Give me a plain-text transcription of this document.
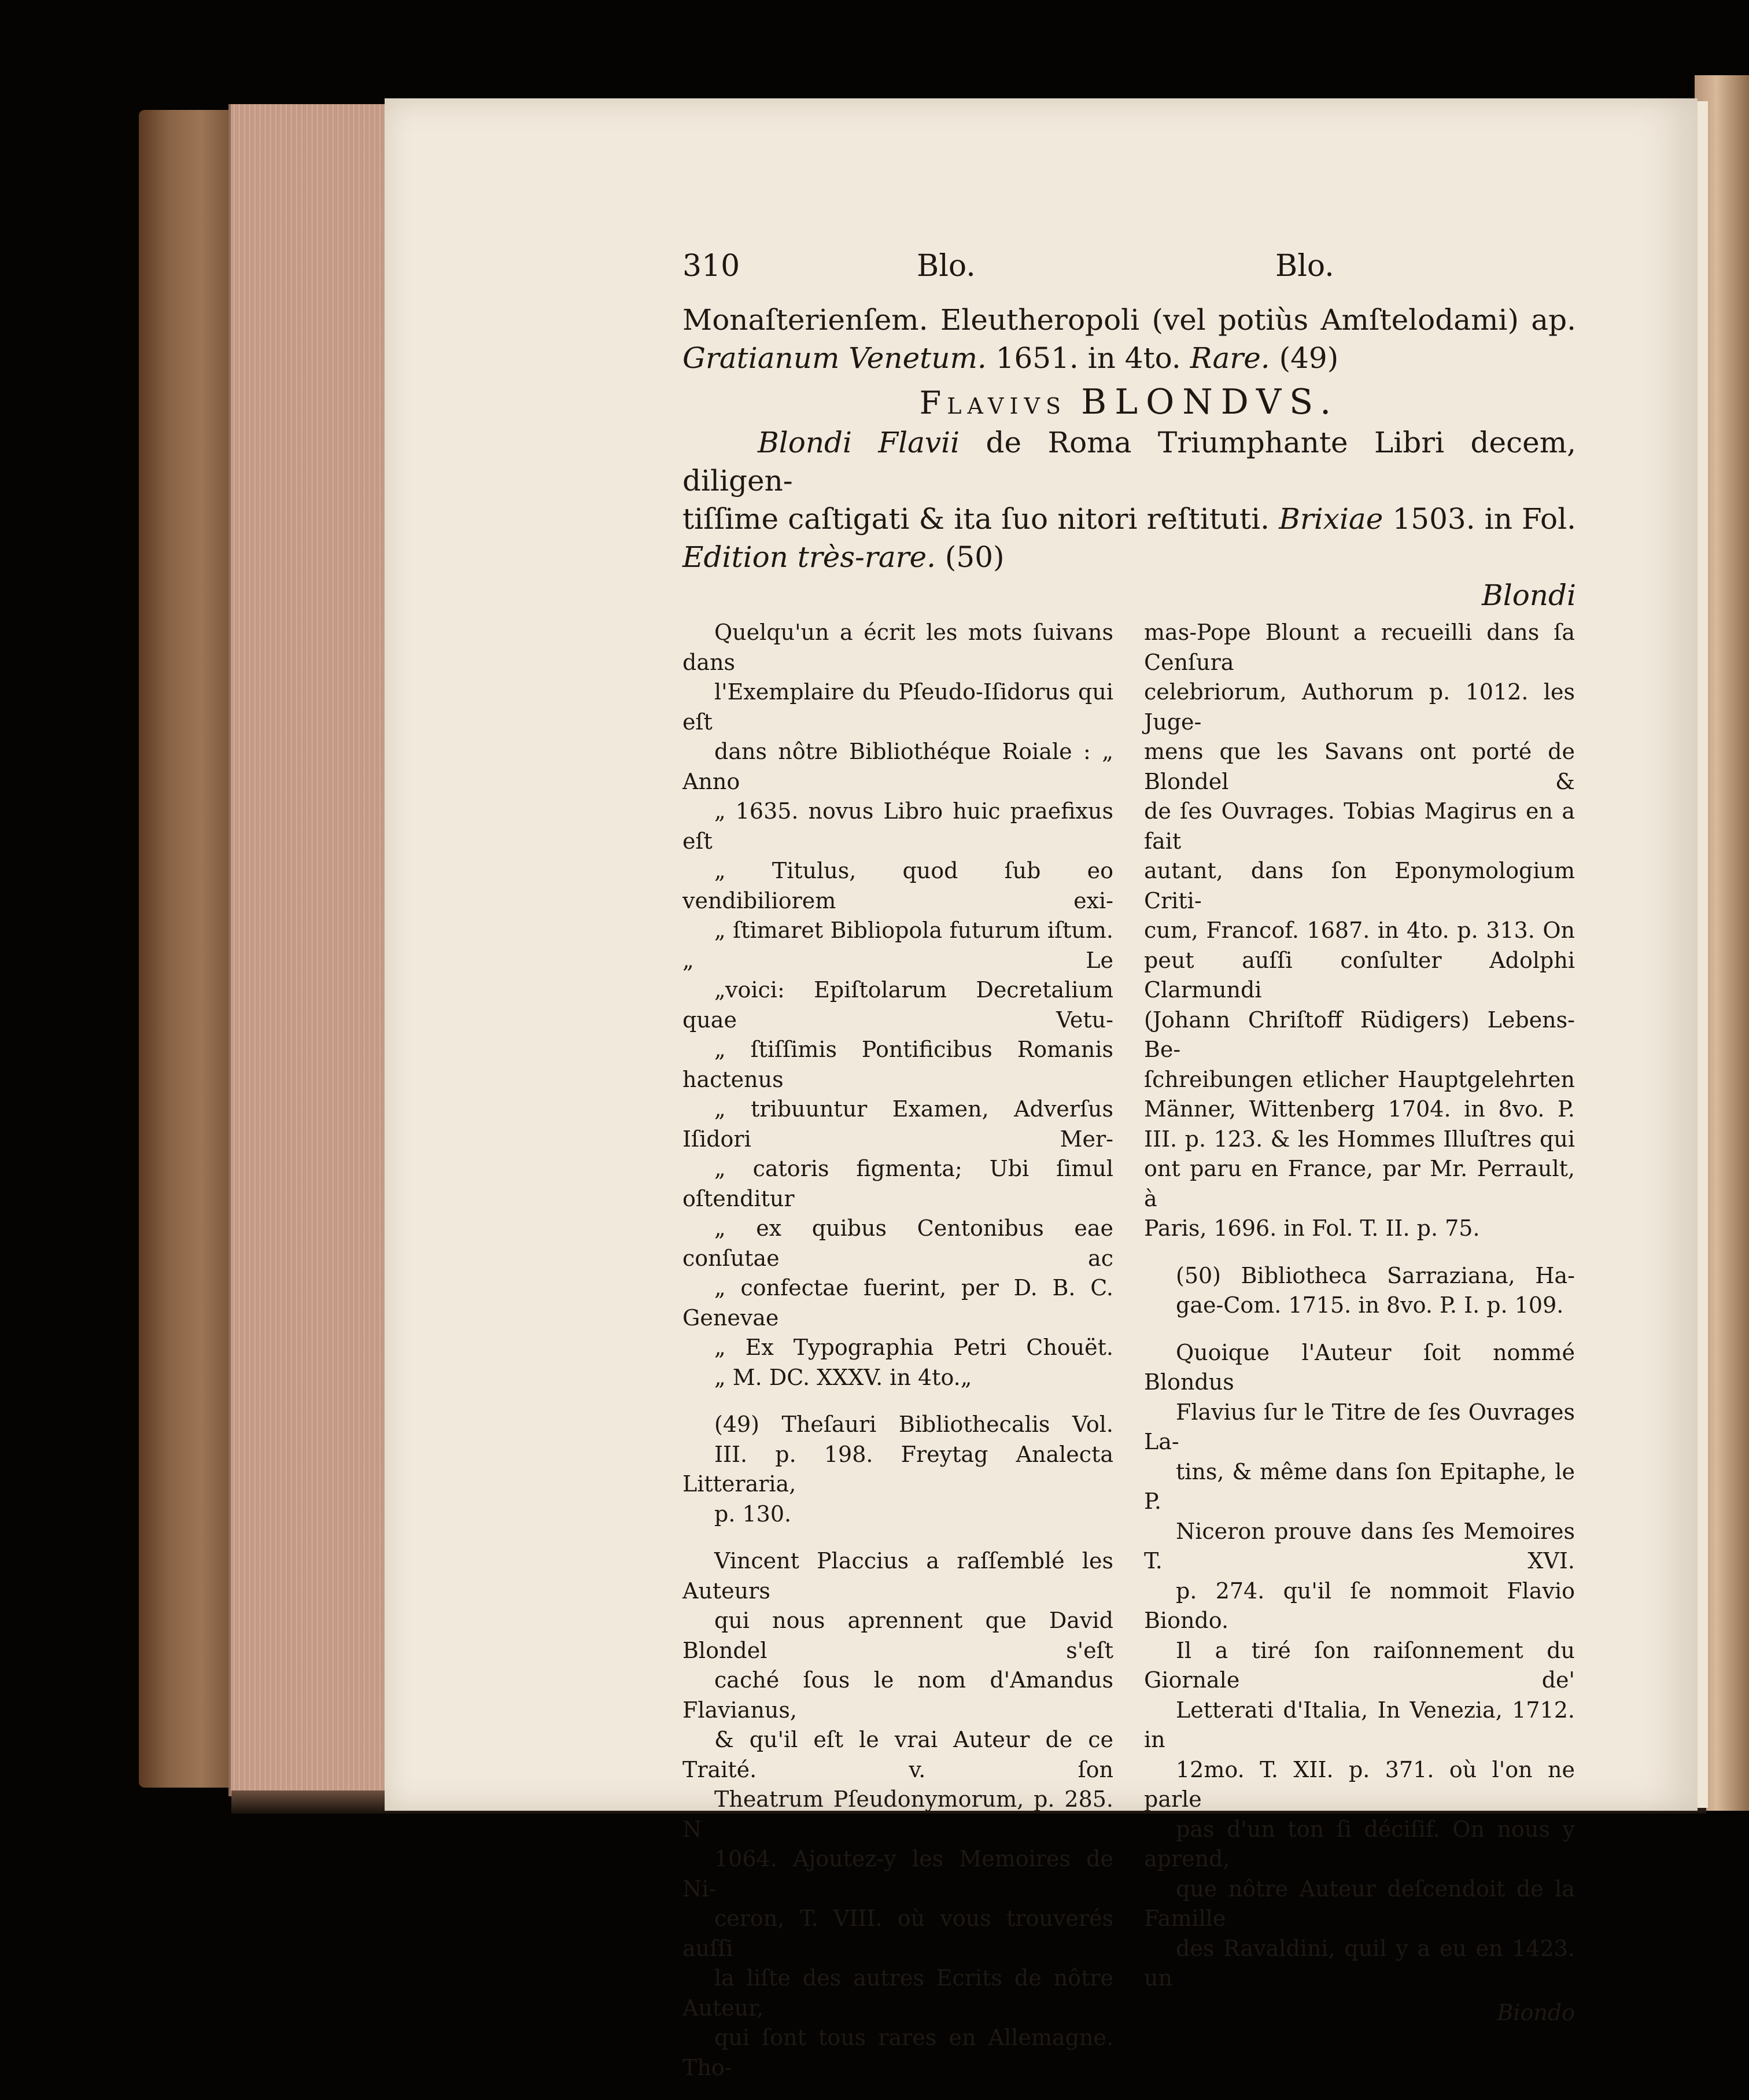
310	Blo.	Blo.

Monaſterienſem. Eleutheropoli (vel potiùs Amſtelodami) ap.

Gratianum Venetum. 1651. in 4to. Rare. (49)

Flavivs BLONDVS.

Blondi Flavii de Roma Triumphante Libri decem, diligen-

tiſſime caſtigati & ita ſuo nitori reſtituti. Brixiae 1503. in Fol.

Edition très-rare. (50)

Blondi

Quelqu'un a écrit les mots ſuivans dans
l'Exemplaire du Pſeudo-Iſidorus qui eſt
dans nôtre Bibliothéque Roiale : „ Anno
„ 1635. novus Libro huic praefixus eſt
„ Titulus, quod ſub eo vendibiliorem exi-
„ ſtimaret Bibliopola futurum iſtum. „ Le
„voici: Epiſtolarum Decretalium quae Vetu-
„ ſtiſſimis Pontificibus Romanis hactenus
„ tribuuntur Examen, Adverſus Iſidori Mer-
„ catoris figmenta; Ubi ſimul oſtenditur
„ ex quibus Centonibus eae conſutae ac
„ confectae fuerint, per D. B. C. Genevae
„ Ex Typographia Petri Chouët.
„ M. DC. XXXV. in 4to.„

(49) Theſauri Bibliothecalis Vol.
III. p. 198. Freytag Analecta Litteraria,
p. 130.

Vincent Placcius a raſſemblé les Auteurs
qui nous aprennent que David Blondel s'eſt
caché ſous le nom d'Amandus Flavianus,
& qu'il eſt le vrai Auteur de ce Traité. v. ſon
Theatrum Pſeudonymorum, p. 285. N
1064. Ajoutez-y les Memoires de Ni-
ceron, T. VIII. où vous trouverés auſſi
la liſte des autres Ecrits de nôtre Auteur,
qui ſont tous rares en Allemagne. Tho-

mas-Pope Blount a recueilli dans ſa Cenſura
celebriorum, Authorum p. 1012. les Juge-
mens que les Savans ont porté de Blondel &
de ſes Ouvrages. Tobias Magirus en a fait
autant, dans ſon Eponymologium Criti-
cum, Francof. 1687. in 4to. p. 313. On
peut auſſi conſulter Adolphi Clarmundi
(Johann Chriſtoff Rüdigers) Lebens-Be-
ſchreibungen etlicher Hauptgelehrten
Männer, Wittenberg 1704. in 8vo. P.
III. p. 123. & les Hommes Illuſtres qui
ont paru en France, par Mr. Perrault, à
Paris, 1696. in Fol. T. II. p. 75.

(50) Bibliotheca Sarraziana, Ha-
gae-Com. 1715. in 8vo. P. I. p. 109.

Quoique l'Auteur ſoit nommé Blondus
Flavius ſur le Titre de ſes Ouvrages La-
tins, & même dans ſon Epitaphe, le P.
Niceron prouve dans ſes Memoires T. XVI.
p. 274. qu'il ſe nommoit Flavio Biondo.
Il a tiré ſon raiſonnement du Giornale de'
Letterati d'Italia, In Venezia, 1712. in
12mo. T. XII. p. 371. où l'on ne parle
pas d'un ton ſi déciſif. On nous y aprend,
que nôtre Auteur deſcendoit de la Famille
des Ravaldini, quil y a eu en 1423. un

Biondo
